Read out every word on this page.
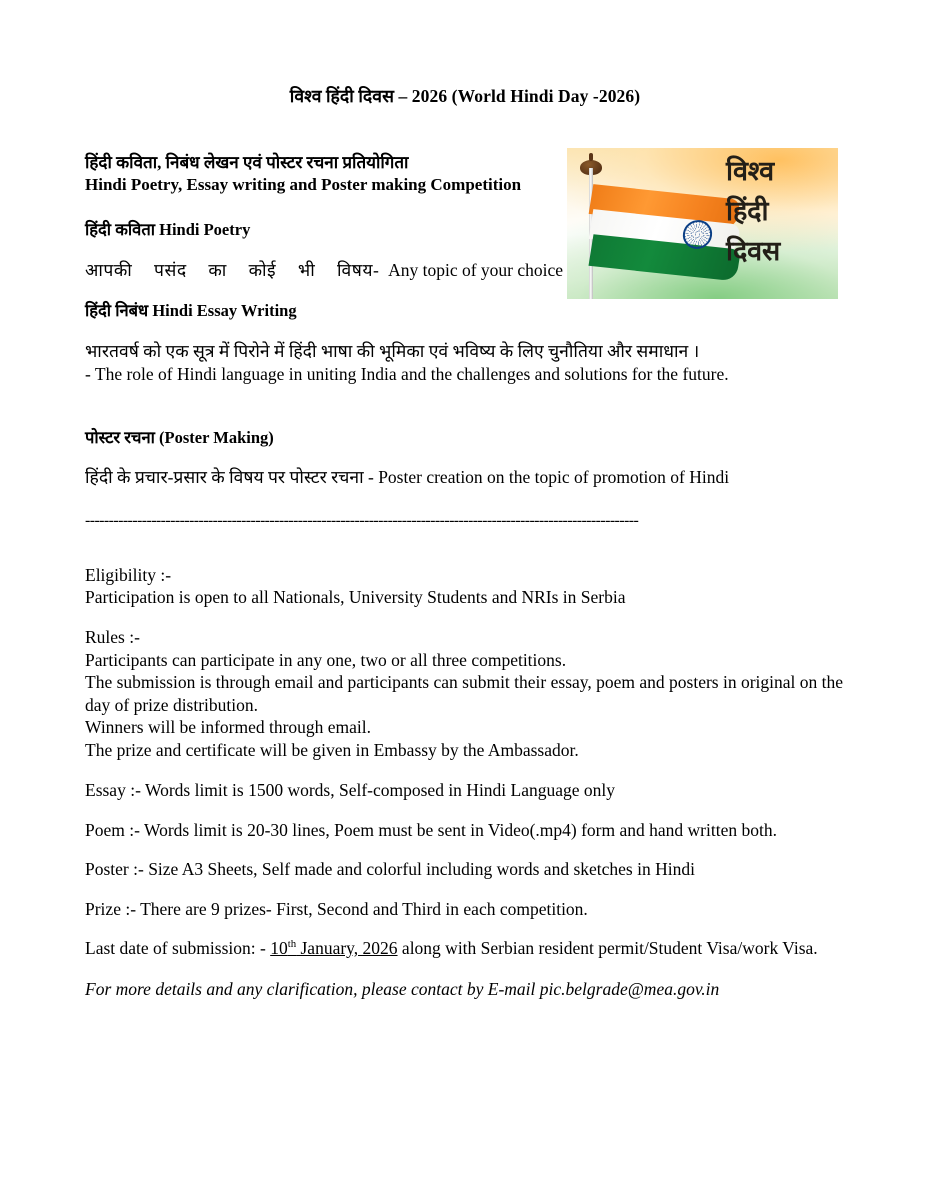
विश्व हिंदी दिवस – 2026 (World Hindi Day -2026)
विश्व
हिंदी
दिवस
हिंदी कविता, निबंध लेखन एवं पोस्टर रचना प्रतियोगिता
Hindi Poetry, Essay writing and Poster making Competition
हिंदी कविता Hindi Poetry
आपकी  पसंद  का  कोई  भी  विषय- Any topic of your choice
हिंदी निबंध Hindi Essay Writing
भारतवर्ष को एक सूत्र में पिरोने में हिंदी भाषा की भूमिका एवं भविष्य के लिए चुनौतिया और समाधान ।
- The role of Hindi language in uniting India and the challenges and solutions for the future.
पोस्टर रचना (Poster Making)
हिंदी के प्रचार-प्रसार के विषय पर पोस्टर रचना - Poster creation on the topic of promotion of Hindi
---------------------------------------------------------------------------------------------------------------------
Eligibility :-
Participation is open to all Nationals, University Students and NRIs in Serbia
Rules :-
Participants can participate in any one, two or all three competitions.
The submission is through email and participants can submit their essay, poem and posters in original on the day of prize distribution.
Winners will be informed through email.
The prize and certificate will be given in Embassy by the Ambassador.
Essay :- Words limit is 1500 words, Self-composed in Hindi Language only
Poem :- Words limit is 20-30 lines, Poem must be sent in Video(.mp4) form and hand written both.
Poster :- Size A3 Sheets, Self made and colorful including words and sketches in Hindi
Prize :- There are 9 prizes- First, Second and Third in each competition.
Last date of submission: - 10th January, 2026 along with Serbian resident permit/Student Visa/work Visa.
For more details and any clarification, please contact by E-mail pic.belgrade@mea.gov.in
